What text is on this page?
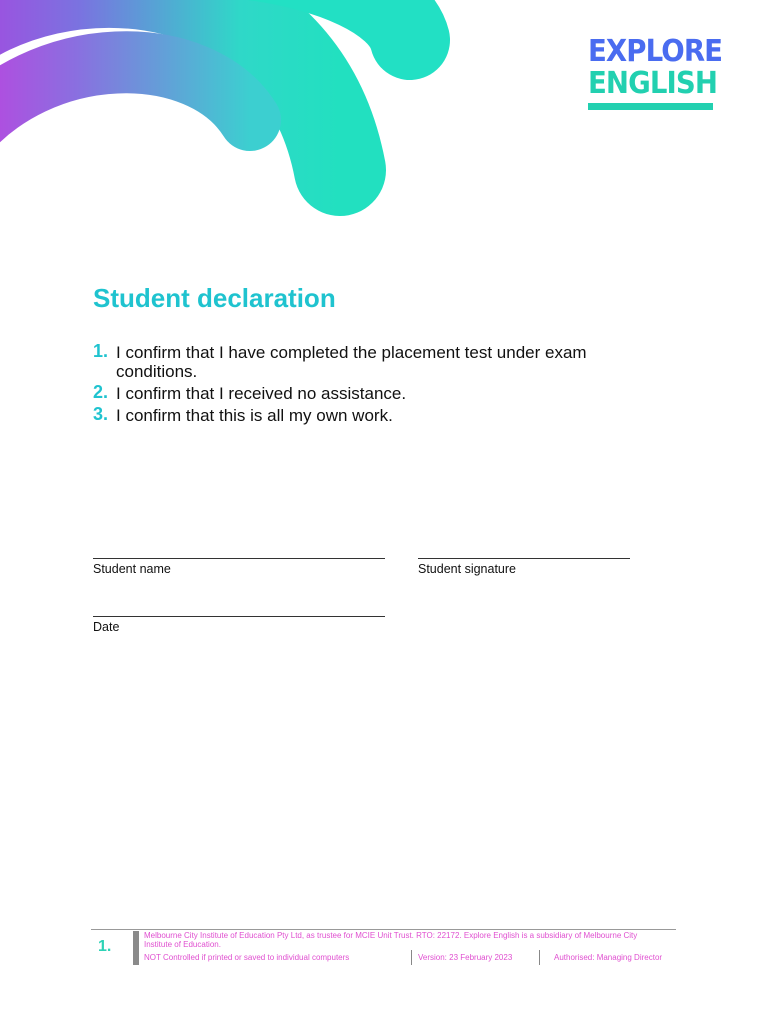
EXPLORE
ENGLISH
Student declaration
1. I confirm that I have completed the placement test under exam conditions.
2. I confirm that I received no assistance.
3. I confirm that this is all my own work.
Student name	Student signature
Date
1.
Melbourne City Institute of Education Pty Ltd, as trustee for MCIE Unit Trust. RTO: 22172. Explore English is a subsidiary of Melbourne City Institute of Education.
NOT Controlled if printed or saved to individual computers	Version: 23 February 2023	Authorised: Managing Director
